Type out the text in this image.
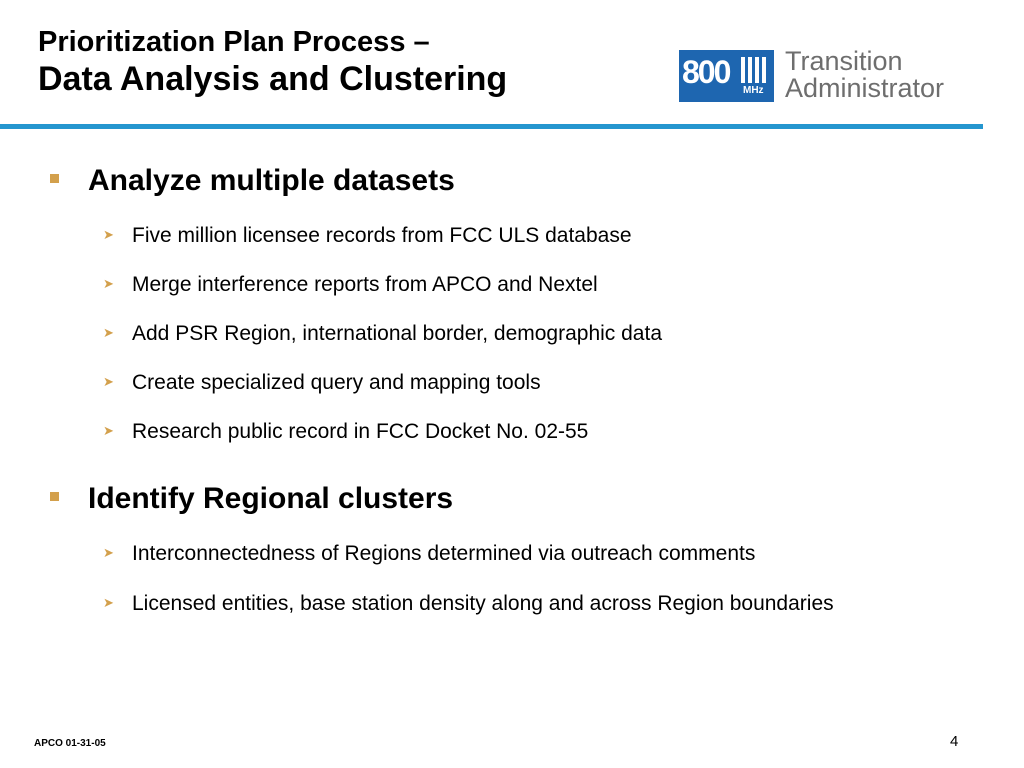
Prioritization Plan Process –
Data Analysis and Clustering	800
MHz
Transition
Administrator
Analyze multiple datasets
➤ Five million licensee records from FCC ULS database
➤ Merge interference reports from APCO and Nextel
➤ Add PSR Region, international border, demographic data
➤ Create specialized query and mapping tools
➤ Research public record in FCC Docket No. 02-55
Identify Regional clusters
➤ Interconnectedness of Regions determined via outreach comments
➤ Licensed entities, base station density along and across Region boundaries
APCO 01-31-05	4
